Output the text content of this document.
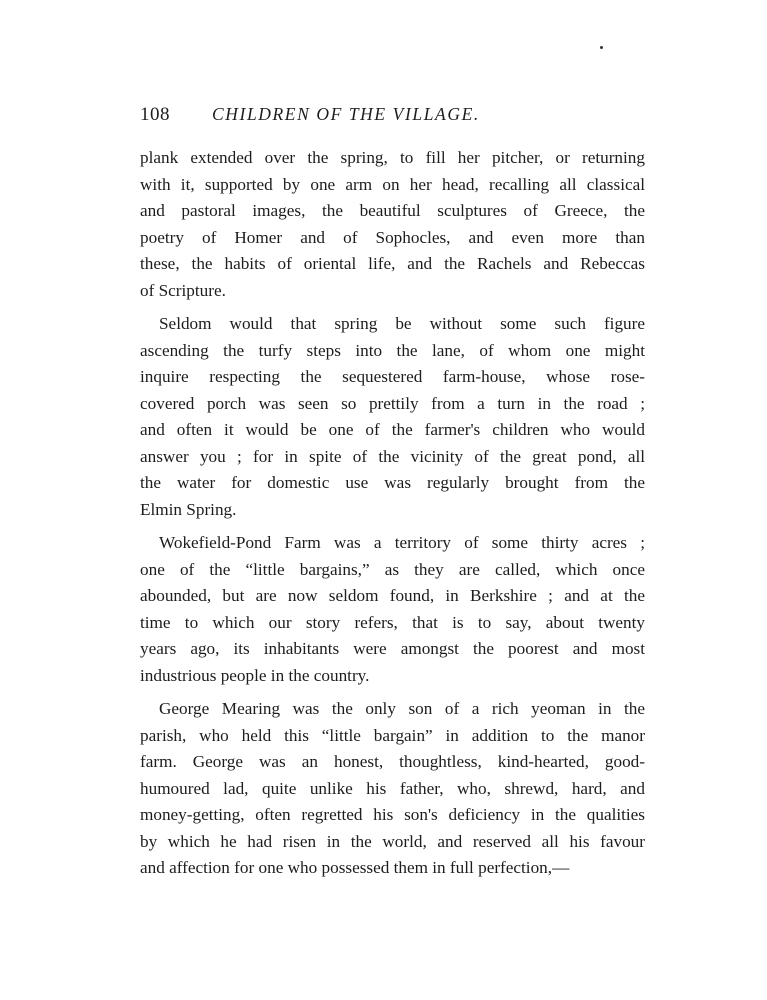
108 CHILDREN OF THE VILLAGE.
plank extended over the spring, to fill her pitcher, or returning
with it, supported by one arm on her head, recalling all classical
and pastoral images, the beautiful sculptures of Greece, the
poetry of Homer and of Sophocles, and even more than
these, the habits of oriental life, and the Rachels and Rebeccas
of Scripture.
Seldom would that spring be without some such figure
ascending the turfy steps into the lane, of whom one might
inquire respecting the sequestered farm-house, whose rose-
covered porch was seen so prettily from a turn in the road ;
and often it would be one of the farmer's children who would
answer you ; for in spite of the vicinity of the great pond, all
the water for domestic use was regularly brought from the
Elmin Spring.
Wokefield-Pond Farm was a territory of some thirty acres ;
one of the “little bargains,” as they are called, which once
abounded, but are now seldom found, in Berkshire ; and at the
time to which our story refers, that is to say, about twenty
years ago, its inhabitants were amongst the poorest and most
industrious people in the country.
George Mearing was the only son of a rich yeoman in the
parish, who held this “little bargain” in addition to the manor
farm. George was an honest, thoughtless, kind-hearted, good-
humoured lad, quite unlike his father, who, shrewd, hard, and
money-getting, often regretted his son's deficiency in the qualities
by which he had risen in the world, and reserved all his favour
and affection for one who possessed them in full perfection,—
